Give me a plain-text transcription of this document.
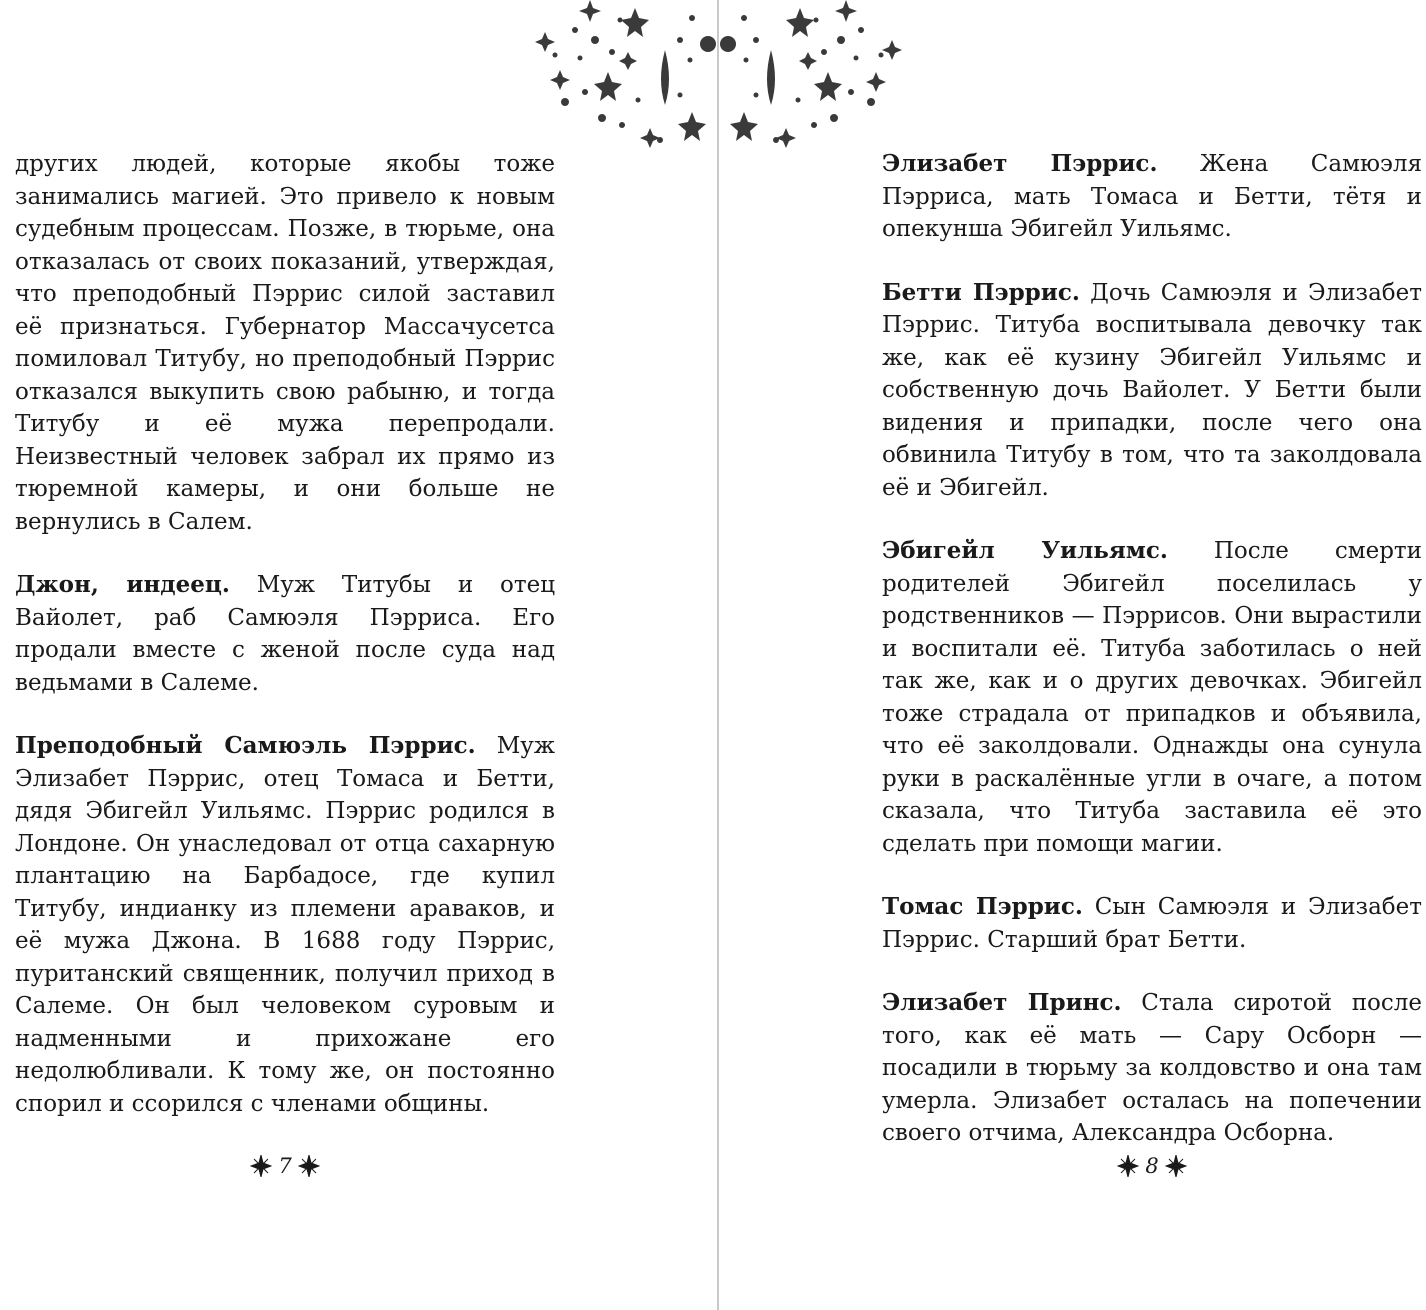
других людей, которые якобы тоже занимались магией. Это привело к новым судебным процессам. Позже, в тюрьме, она отказалась от своих показаний, утверждая, что преподобный Пэррис силой заставил её признаться. Губернатор Массачусетса помиловал Титубу, но преподобный Пэррис отказался выкупить свою рабыню, и тогда Титубу и её мужа перепродали. Неизвестный человек забрал их прямо из тюремной камеры, и они больше не вернулись в Салем.

Джон, индеец. Муж Титубы и отец Вайолет, раб Самюэля Пэрриса. Его продали вместе с женой после суда над ведьмами в Салеме.

Преподобный Самюэль Пэррис. Муж Элизабет Пэррис, отец Томаса и Бетти, дядя Эбигейл Уильямс. Пэррис родился в Лондоне. Он унаследовал от отца сахарную плантацию на Барбадосе, где купил Титубу, индианку из племени араваков, и её мужа Джона. В 1688 году Пэррис, пуританский священник, получил приход в Салеме. Он был человеком суровым и надменными и прихожане его недолюбливали. К тому же, он постоянно спорил и ссорился с членами общины.

Элизабет Пэррис. Жена Самюэля Пэрриса, мать Томаса и Бетти, тётя и опекунша Эбигейл Уильямс.

Бетти Пэррис. Дочь Самюэля и Элизабет Пэррис. Титуба воспитывала девочку так же, как её кузину Эбигейл Уильямс и собственную дочь Вайолет. У Бетти были видения и припадки, после чего она обвинила Титубу в том, что та заколдовала её и Эбигейл.

Эбигейл Уильямс. После смерти родителей Эбигейл поселилась у родственников — Пэррисов. Они вырастили и воспитали её. Титуба заботилась о ней так же, как и о других девочках. Эбигейл тоже страдала от припадков и объявила, что её заколдовали. Однажды она сунула руки в раскалённые угли в очаге, а потом сказала, что Титуба заставила её это сделать при помощи магии.

Томас Пэррис. Сын Самюэля и Элизабет Пэррис. Старший брат Бетти.

Элизабет Принс. Стала сиротой после того, как её мать — Сару Осборн — посадили в тюрьму за колдовство и она там умерла. Элизабет осталась на попечении своего отчима, Александра Осборна.

7	8
